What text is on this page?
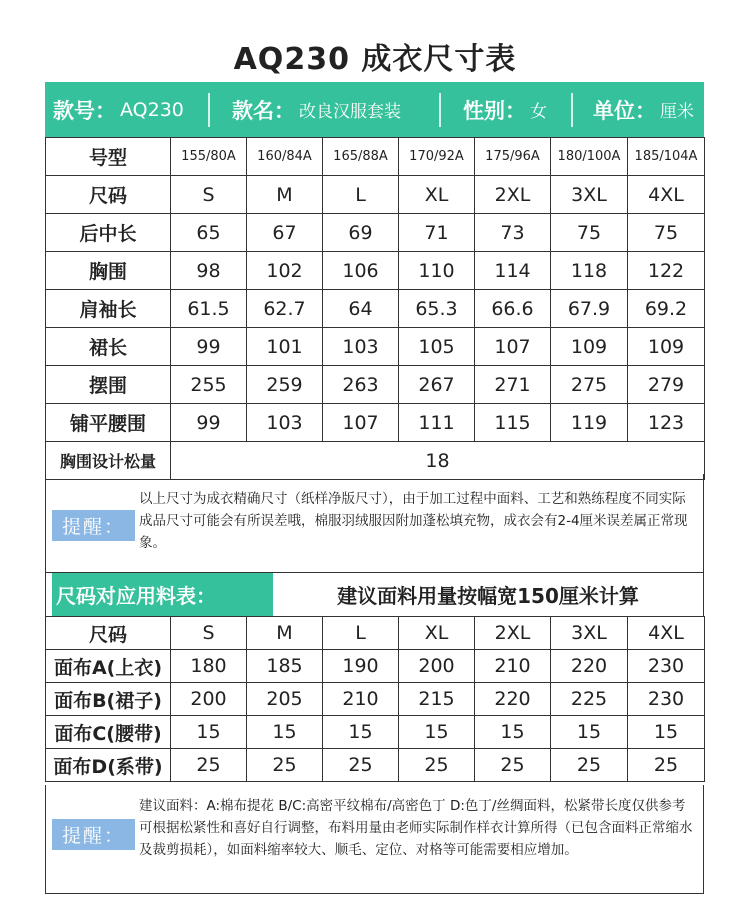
AQ230 成衣尺寸表
款号： AQ230 款名： 改良汉服套装	性别： 女 单位： 厘米
号型	155/80A	160/84A	165/88A	170/92A	175/96A	180/100A	185/104A
尺码	S	M	L	XL	2XL	3XL	4XL
后中长	65	67	69	71	73	75	75
胸围	98	102	106	110	114	118	122
肩袖长	61.5	62.7	64	65.3	66.6	67.9	69.2
裙长	99	101	103	105	107	109	109
摆围	255	259	263	267	271	275	279
铺平腰围	99	103	107	111	115	119	123
胸围设计松量	18						
提醒：
以上尺寸为成衣精确尺寸（纸样净版尺寸），由于加工过程中面料、工艺和熟练程度不同实际成品尺寸可能会有所误差哦，棉服羽绒服因附加蓬松填充物，成衣会有2-4厘米误差属正常现象。
尺码对应用料表：	建议面料用量按幅宽150厘米计算
尺码	S	M	L	XL	2XL	3XL	4XL
面布A(上衣)	180	185	190	200	210	220	230
面布B(裙子)	200	205	210	215	220	225	230
面布C(腰带)	15	15	15	15	15	15	15
面布D(系带)	25	25	25	25	25	25	25
提醒：
建议面料：A:棉布提花 B/C:高密平纹棉布/高密色丁 D:色丁/丝绸面料，松紧带长度仅供参考可根据松紧性和喜好自行调整，布料用量由老师实际制作样衣计算所得（已包含面料正常缩水及裁剪损耗），如面料缩率较大、顺毛、定位、对格等可能需要相应增加。
